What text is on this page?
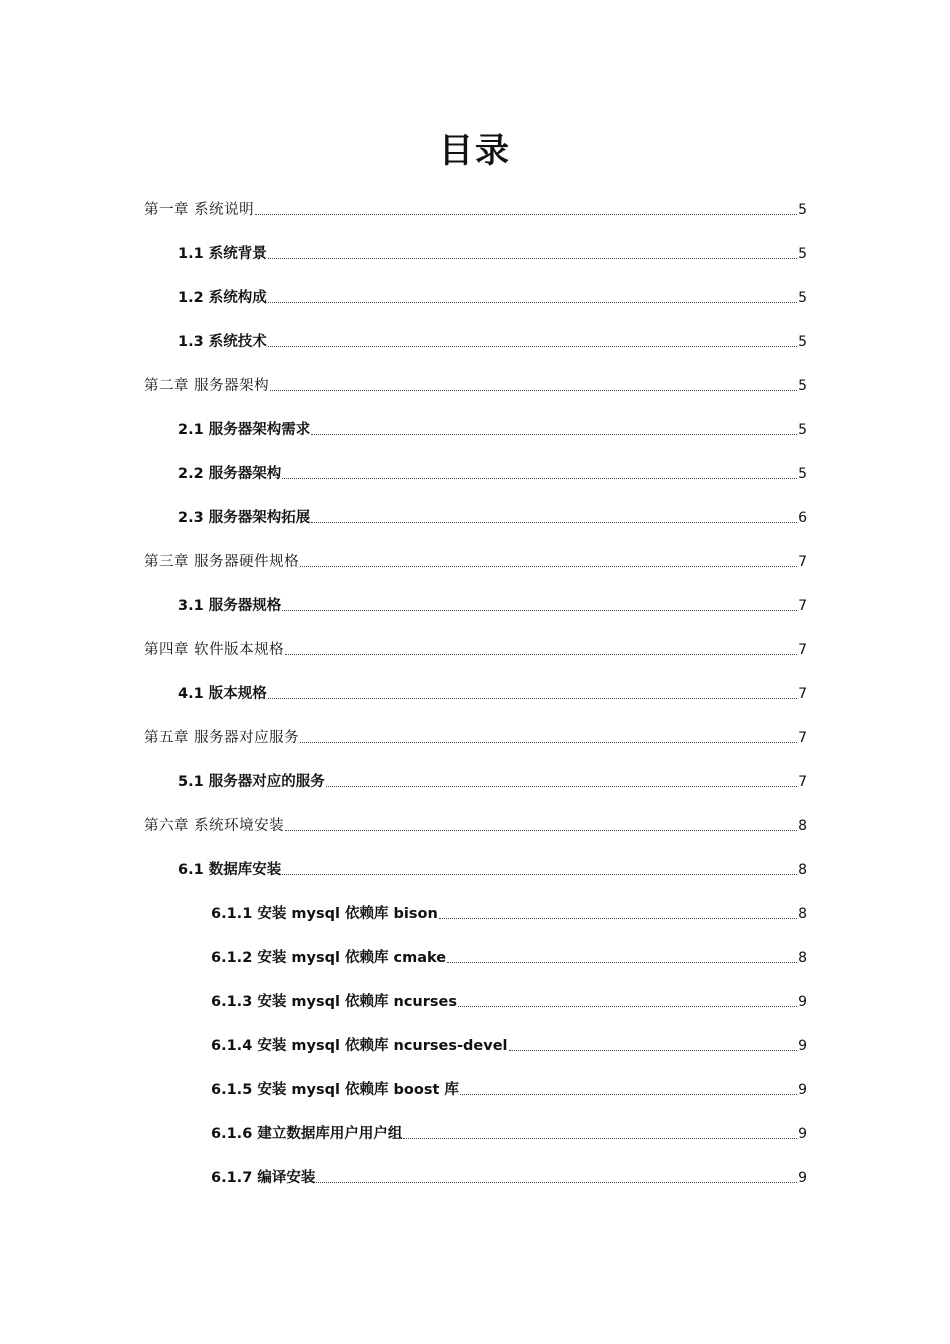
目录
第一章 系统说明	5
1.1 系统背景	5
1.2 系统构成	5
1.3 系统技术	5
第二章 服务器架构	5
2.1 服务器架构需求	5
2.2 服务器架构	5
2.3 服务器架构拓展	6
第三章 服务器硬件规格	7
3.1 服务器规格	7
第四章 软件版本规格	7
4.1 版本规格	7
第五章 服务器对应服务	7
5.1 服务器对应的服务	7
第六章 系统环境安装	8
6.1 数据库安装	8
6.1.1 安装 mysql 依赖库 bison	8
6.1.2 安装 mysql 依赖库 cmake	8
6.1.3 安装 mysql 依赖库 ncurses	9
6.1.4 安装 mysql 依赖库 ncurses-devel	9
6.1.5 安装 mysql 依赖库 boost 库	9
6.1.6 建立数据库用户用户组	9
6.1.7 编译安装	9
